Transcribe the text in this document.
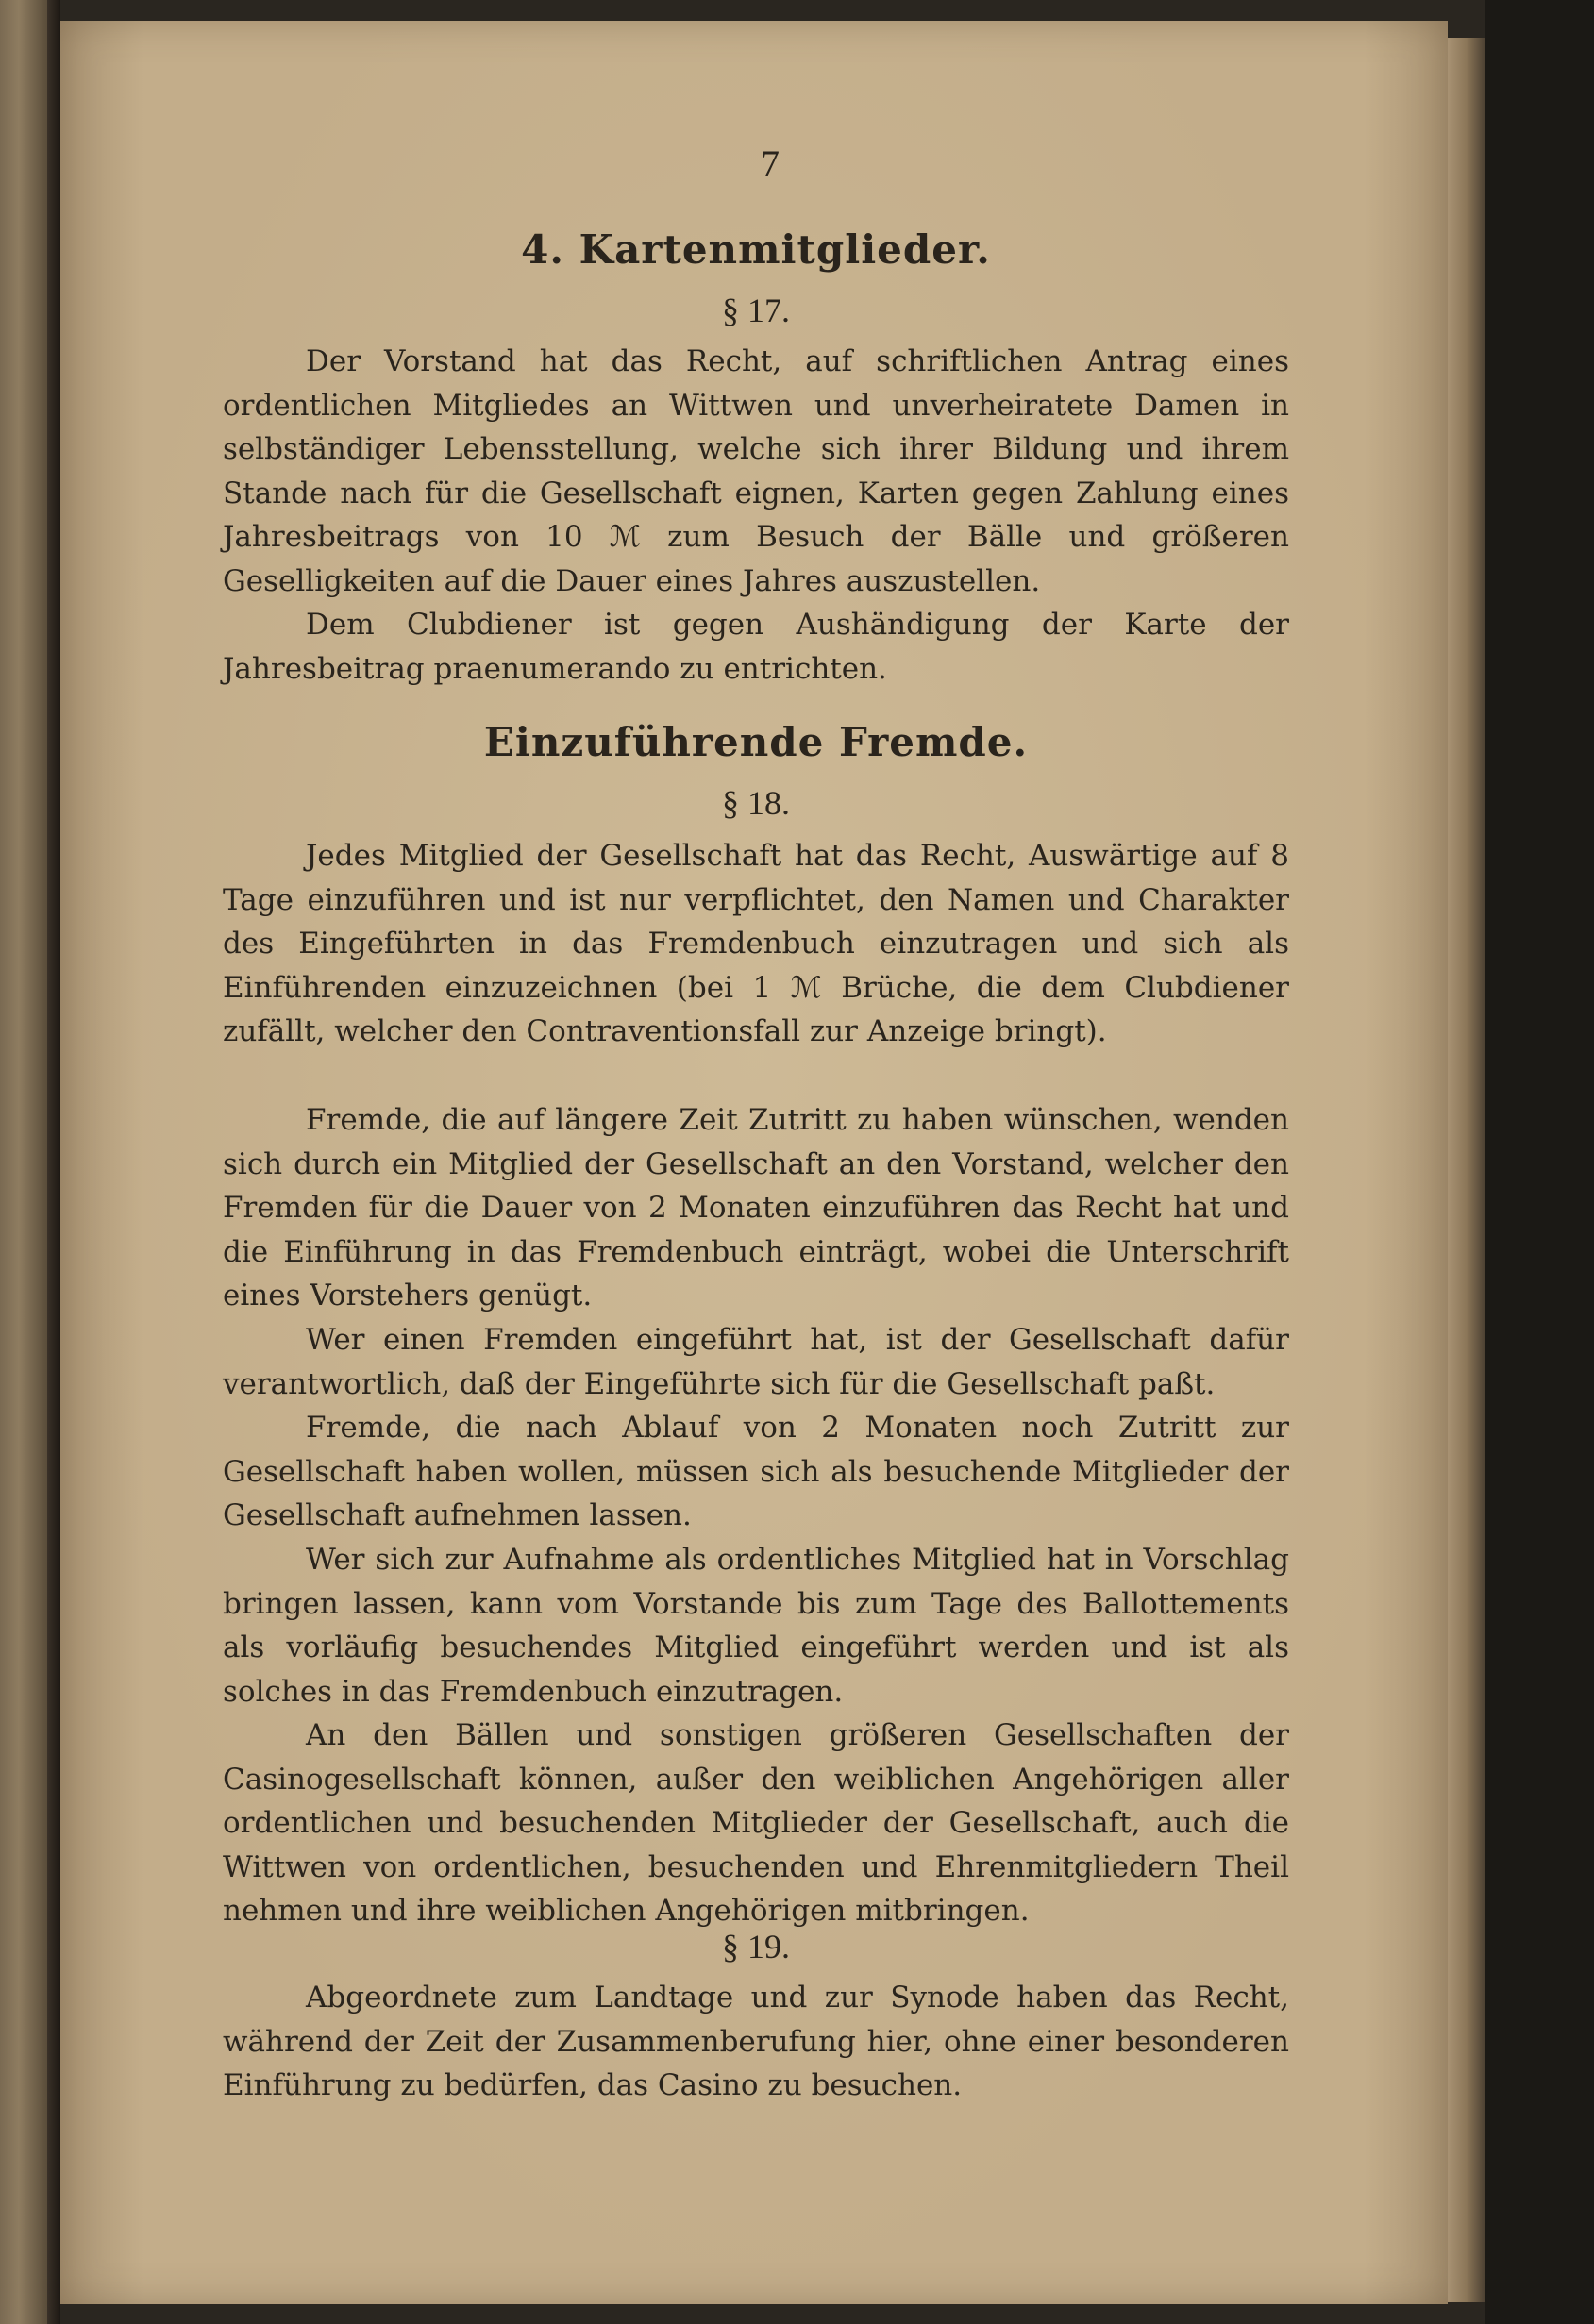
7
4. Kartenmitglieder.
§ 17.
Der Vorstand hat das Recht, auf schriftlichen Antrag eines ordentlichen Mitgliedes an Wittwen und unverheiratete Damen in selbständiger Lebensstellung, welche sich ihrer Bildung und ihrem Stande nach für die Gesellschaft eignen, Karten gegen Zahlung eines Jahresbeitrags von 10 ℳ zum Besuch der Bälle und größeren Geselligkeiten auf die Dauer eines Jahres auszustellen.
Dem Clubdiener ist gegen Aushändigung der Karte der Jahresbeitrag praenumerando zu entrichten.
Einzuführende Fremde.
§ 18.
Jedes Mitglied der Gesellschaft hat das Recht, Auswärtige auf 8 Tage einzuführen und ist nur verpflichtet, den Namen und Charakter des Eingeführten in das Fremdenbuch einzutragen und sich als Einführenden einzuzeichnen (bei 1 ℳ Brüche, die dem Clubdiener zufällt, welcher den Contraventionsfall zur Anzeige bringt).
Fremde, die auf längere Zeit Zutritt zu haben wünschen, wenden sich durch ein Mitglied der Gesellschaft an den Vorstand, welcher den Fremden für die Dauer von 2 Monaten einzuführen das Recht hat und die Einführung in das Fremdenbuch einträgt, wobei die Unterschrift eines Vorstehers genügt.
Wer einen Fremden eingeführt hat, ist der Gesellschaft dafür verantwortlich, daß der Eingeführte sich für die Gesellschaft paßt.
Fremde, die nach Ablauf von 2 Monaten noch Zutritt zur Gesellschaft haben wollen, müssen sich als besuchende Mitglieder der Gesellschaft aufnehmen lassen.
Wer sich zur Aufnahme als ordentliches Mitglied hat in Vorschlag bringen lassen, kann vom Vorstande bis zum Tage des Ballottements als vorläufig besuchendes Mitglied eingeführt werden und ist als solches in das Fremdenbuch einzutragen.
An den Bällen und sonstigen größeren Gesellschaften der Casinogesellschaft können, außer den weiblichen Angehörigen aller ordentlichen und besuchenden Mitglieder der Gesellschaft, auch die Wittwen von ordentlichen, besuchenden und Ehrenmitgliedern Theil nehmen und ihre weiblichen Angehörigen mitbringen.
§ 19.
Abgeordnete zum Landtage und zur Synode haben das Recht, während der Zeit der Zusammenberufung hier, ohne einer besonderen Einführung zu bedürfen, das Casino zu besuchen.
